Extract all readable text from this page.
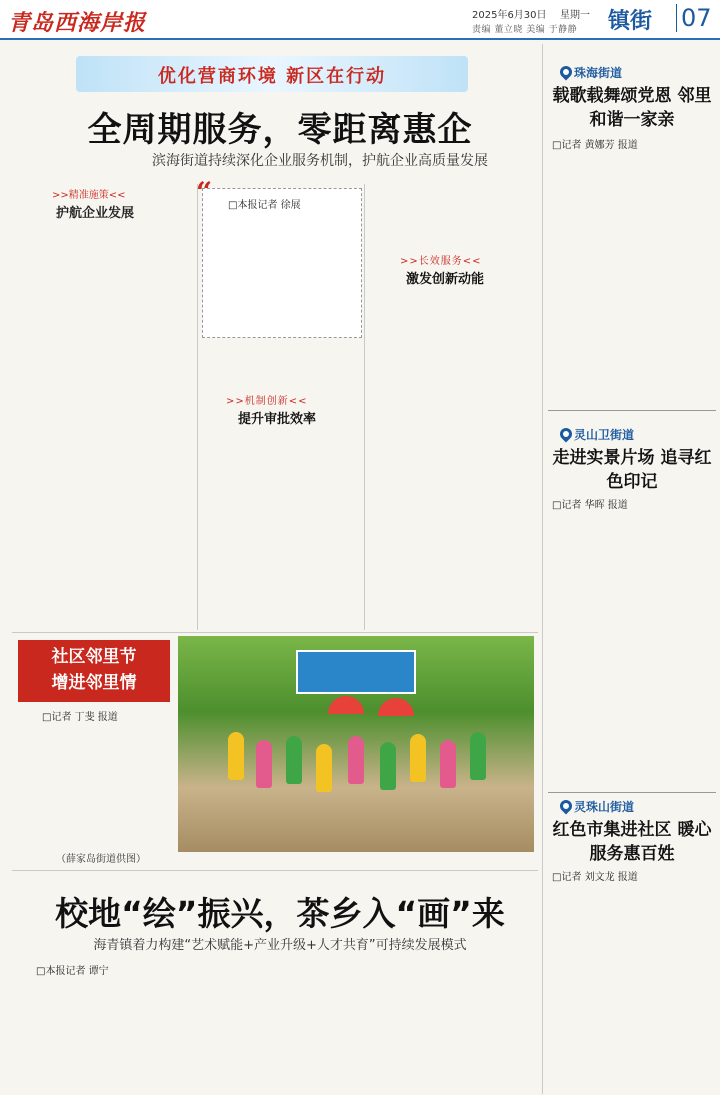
青岛西海岸报	2025年6月30日 星期一
责编 董立晓 美编 于静静 镇街 07
优化营商环境 新区在行动
全周期服务，零距离惠企
滨海街道持续深化企业服务机制，护航企业高质量发展
>>精准施策<<
护航企业发展
□本报记者 徐展
>>机制创新<<
提升审批效率
>>长效服务<<
激发创新动能
社区邻里节
增进邻里情
□记者 丁斐 报道
（薛家岛街道供图）
校地“绘”振兴，茶乡入“画”来
海青镇着力构建“艺术赋能+产业升级+人才共育”可持续发展模式
□本报记者 谭宁
珠海街道
载歌载舞颂党恩 邻里和谐一家亲
□记者 黄娜芳 报道
灵山卫街道
走进实景片场 追寻红色印记
□记者 华晖 报道
灵珠山街道
红色市集进社区 暖心服务惠百姓
□记者 刘文龙 报道
